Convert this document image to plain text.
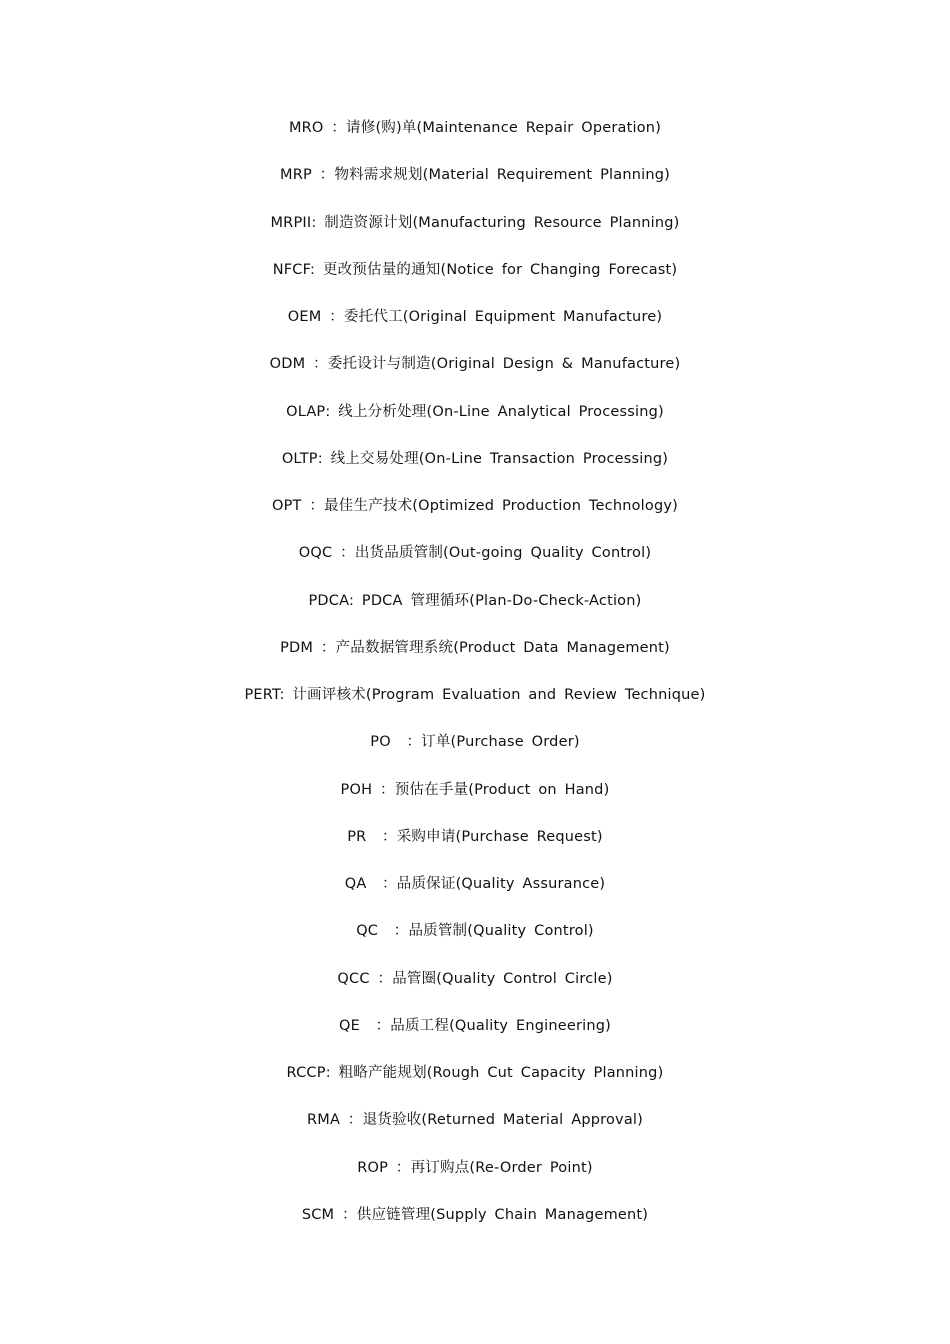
MRO ：请修(购)单(Maintenance Repair Operation)
MRP ：物料需求规划(Material Requirement Planning)
MRPII: 制造资源计划(Manufacturing Resource Planning)
NFCF: 更改预估量的通知(Notice for Changing Forecast)
OEM ：委托代工(Original Equipment Manufacture)
ODM ：委托设计与制造(Original Design & Manufacture)
OLAP: 线上分析处理(On-Line Analytical Processing)
OLTP: 线上交易处理(On-Line Transaction Processing)
OPT ：最佳生产技术(Optimized Production Technology)
OQC ：出货品质管制(Out-going Quality Control)
PDCA: PDCA 管理循环(Plan-Do-Check-Action)
PDM ：产品数据管理系统(Product Data Management)
PERT: 计画评核术(Program Evaluation and Review Technique)
PO  ：订单(Purchase Order)
POH ：预估在手量(Product on Hand)
PR  ：采购申请(Purchase Request)
QA  ：品质保证(Quality Assurance)
QC  ：品质管制(Quality Control)
QCC ：品管圈(Quality Control Circle)
QE  ：品质工程(Quality Engineering)
RCCP: 粗略产能规划(Rough Cut Capacity Planning)
RMA ：退货验收(Returned Material Approval)
ROP ：再订购点(Re-Order Point)
SCM ：供应链管理(Supply Chain Management)
